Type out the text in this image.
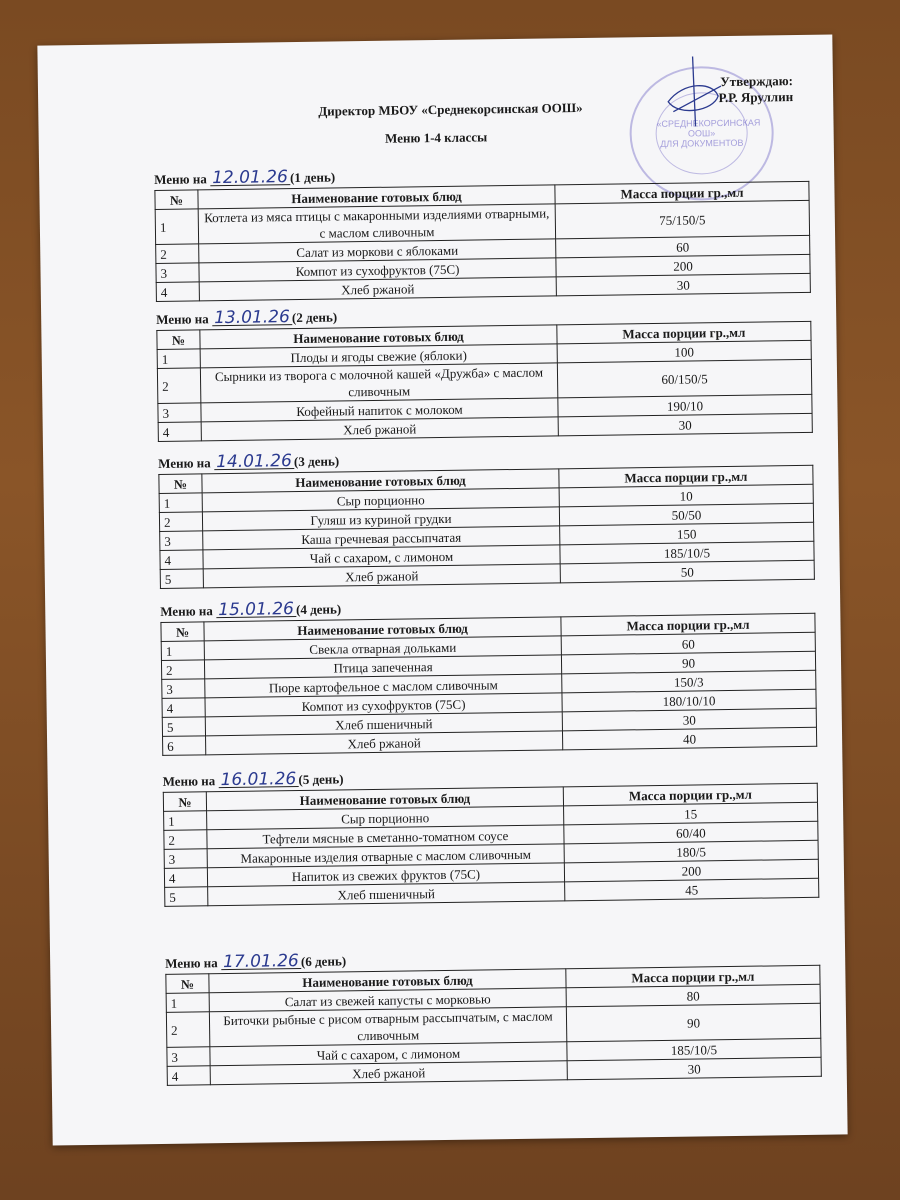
«СРЕДНЕКОРСИНСКАЯ
ООШ»
ДЛЯ ДОКУМЕНТОВ
Утверждаю:
Р.Р. Яруллин
Директор МБОУ «Среднекорсинская ООШ»
Меню 1-4 классы
Меню на 12.01.26 (1 день)
№	Наименование готовых блюд	Масса порции гр.,мл
1	Котлета из мяса птицы с макаронными изделиями отварными, с маслом сливочным	75/150/5
2	Салат из моркови с яблоками	60
3	Компот из сухофруктов (75С)	200
4	Хлеб ржаной	30
Меню на 13.01.26 (2 день)
№	Наименование готовых блюд	Масса порции гр.,мл
1	Плоды и ягоды свежие (яблоки)	100
2	Сырники из творога с молочной кашей «Дружба» с маслом сливочным	60/150/5
3	Кофейный напиток с молоком	190/10
4	Хлеб ржаной	30
Меню на 14.01.26 (3 день)
№	Наименование готовых блюд	Масса порции гр.,мл
1	Сыр порционно	10
2	Гуляш из куриной грудки	50/50
3	Каша гречневая рассыпчатая	150
4	Чай с сахаром, с лимоном	185/10/5
5	Хлеб ржаной	50
Меню на 15.01.26 (4 день)
№	Наименование готовых блюд	Масса порции гр.,мл
1	Свекла отварная дольками	60
2	Птица запеченная	90
3	Пюре картофельное с маслом сливочным	150/3
4	Компот из сухофруктов (75С)	180/10/10
5	Хлеб пшеничный	30
6	Хлеб ржаной	40
Меню на 16.01.26 (5 день)
№	Наименование готовых блюд	Масса порции гр.,мл
1	Сыр порционно	15
2	Тефтели мясные в сметанно-томатном соусе	60/40
3	Макаронные изделия отварные с маслом сливочным	180/5
4	Напиток из свежих фруктов (75С)	200
5	Хлеб пшеничный	45
Меню на 17.01.26 (6 день)
№	Наименование готовых блюд	Масса порции гр.,мл
1	Салат из свежей капусты с морковью	80
2	Биточки рыбные с рисом отварным рассыпчатым, с маслом сливочным	90
3	Чай с сахаром, с лимоном	185/10/5
4	Хлеб ржаной	30
